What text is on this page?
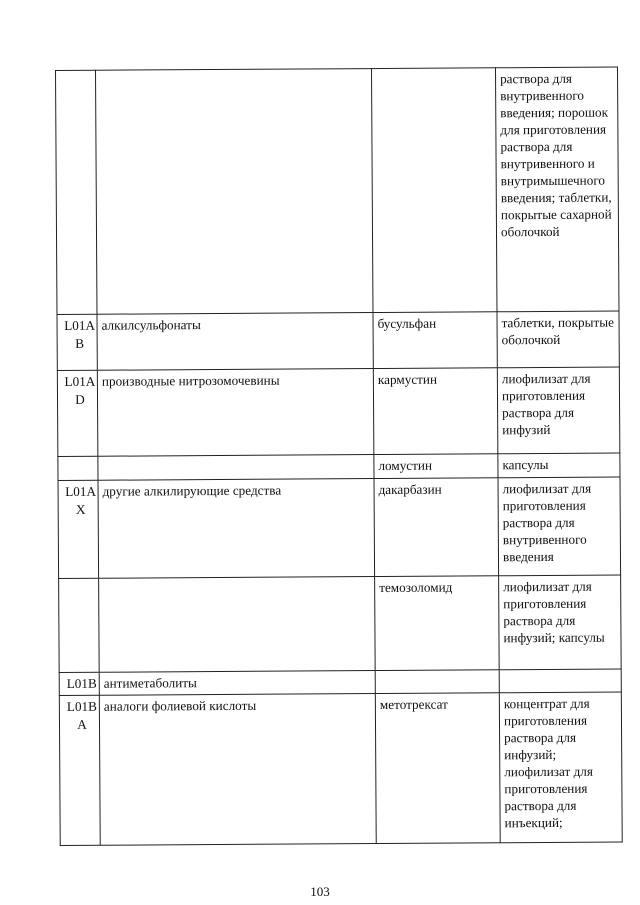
			раствора для внутривенного введения; порошок для приготовления раствора для внутривенного и внутримышечного введения; таблетки, покрытые сахарной оболочкой
L01AB	алкилсульфонаты	бусульфан	таблетки, покрытые оболочкой
L01AD	производные нитрозомочевины	кармустин	лиофилизат для приготовления раствора для инфузий
		ломустин	капсулы
L01AX	другие алкилирующие средства	дакарбазин	лиофилизат для приготовления раствора для внутривенного введения
		темозоломид	лиофилизат для приготовления раствора для инфузий; капсулы
L01B	антиметаболиты		
L01BA	аналоги фолиевой кислоты	метотрексат	концентрат для приготовления раствора для инфузий; лиофилизат для приготовления раствора для инъекций;
103
